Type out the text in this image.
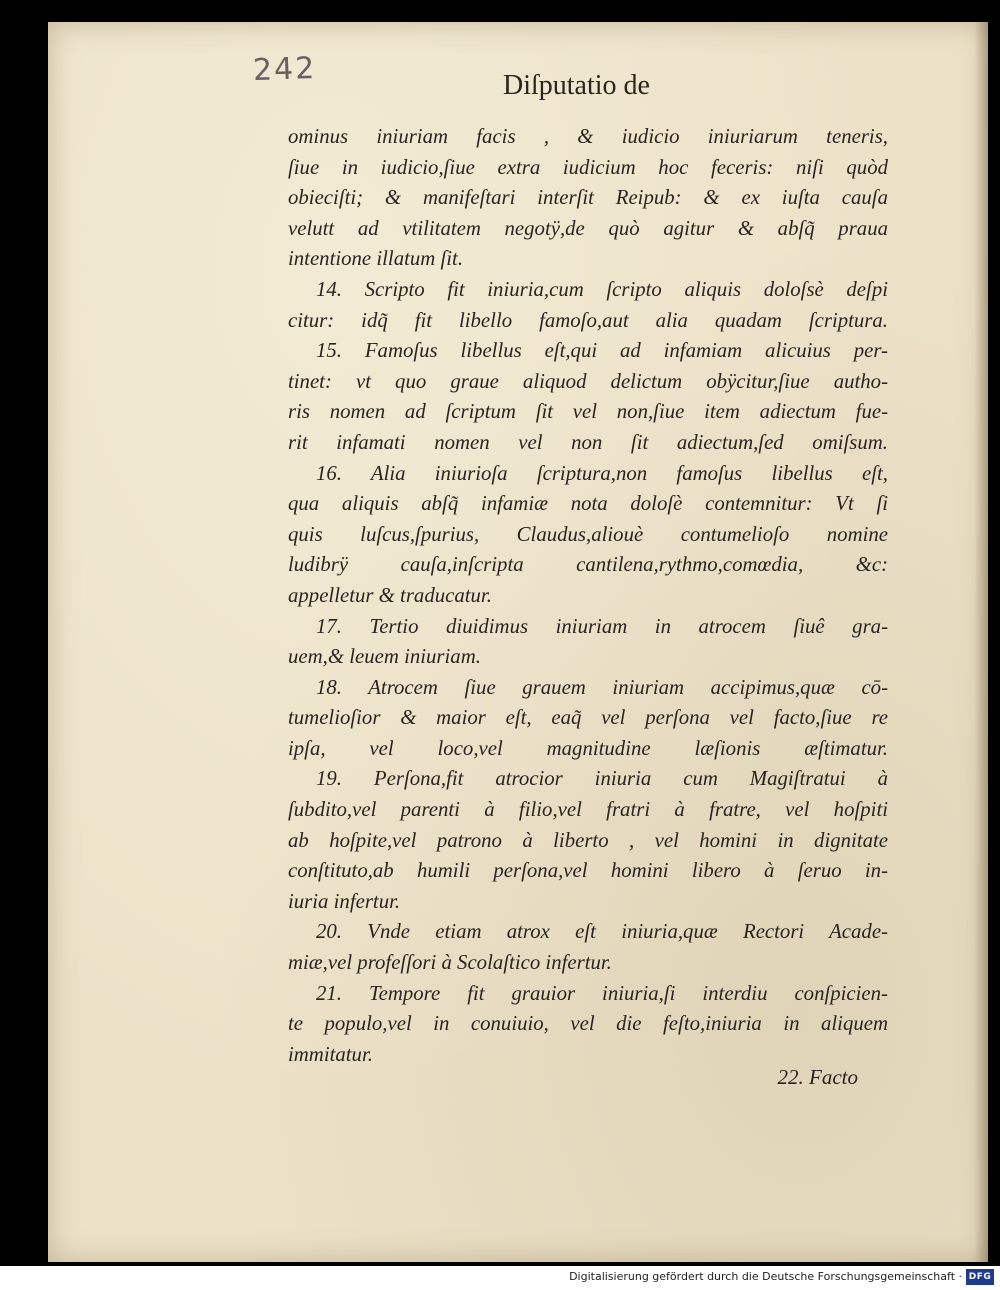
242	Diſputatio de
ominus iniuriam facis , & iudicio iniuriarum teneris,
ſiue in iudicio,ſiue extra iudicium hoc feceris: niſi quòd
obieciſti; & manifeſtari interſit Reipub: & ex iuſta cauſa
velutt ad vtilitatem negotÿ,de quò agitur & abſq̃ praua
intentione illatum ſit.
14. Scripto fit iniuria,cum ſcripto aliquis doloſsè deſpi
citur: idq̃ fit libello famoſo,aut alia quadam ſcriptura.
15. Famoſus libellus eſt,qui ad infamiam alicuius per-
tinet: vt quo graue aliquod delictum obÿcitur,ſiue autho-
ris nomen ad ſcriptum ſit vel non,ſiue item adiectum fue-
rit infamati nomen vel non ſit adiectum,ſed omiſsum.
16. Alia iniurioſa ſcriptura,non famoſus libellus eſt,
qua aliquis abſq̃ infamiæ nota doloſè contemnitur: Vt ſi
quis luſcus,ſpurius, Claudus,aliouè contumelioſo nomine
ludibrÿ cauſa,inſcripta cantilena,rythmo,comœdia, &c:
appelletur & traducatur.
17. Tertio diuidimus iniuriam in atrocem ſiuê gra-
uem,& leuem iniuriam.
18. Atrocem ſiue grauem iniuriam accipimus,quæ cō-
tumelioſior & maior eſt, eaq̃ vel perſona vel facto,ſiue re
ipſa, vel loco,vel magnitudine læſionis æſtimatur.
19. Perſona,fit atrocior iniuria cum Magiſtratui à
ſubdito,vel parenti à filio,vel fratri à fratre, vel hoſpiti
ab hoſpite,vel patrono à liberto , vel homini in dignitate
conſtituto,ab humili perſona,vel homini libero à ſeruo in-
iuria infertur.
20. Vnde etiam atrox eſt iniuria,quæ Rectori Acade-
miæ,vel profeſſori à Scolaſtico infertur.
21. Tempore fit grauior iniuria,ſi interdiu conſpicien-
te populo,vel in conuiuio, vel die feſto,iniuria in aliquem
immitatur.
22. Facto
Digitalisierung gefördert durch die Deutsche Forschungsgemeinschaft · DFG
